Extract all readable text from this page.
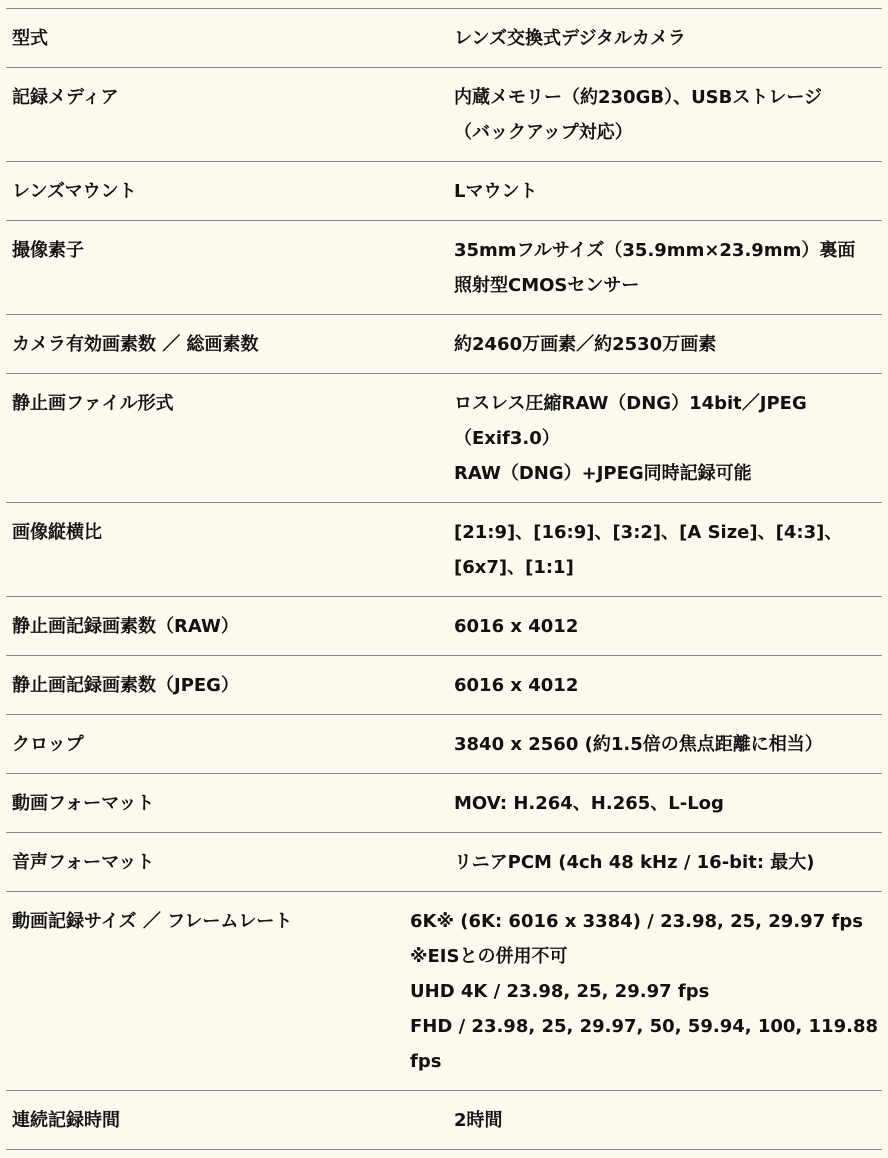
型式	レンズ交換式デジタルカメラ
記録メディア	内蔵メモリー（約230GB）、USBストレージ
（バックアップ対応）
レンズマウント	Lマウント
撮像素子	35mmフルサイズ（35.9mm×23.9mm）裏面
照射型CMOSセンサー
カメラ有効画素数 ／ 総画素数	約2460万画素／約2530万画素
静止画ファイル形式	ロスレス圧縮RAW（DNG）14bit／JPEG
（Exif3.0）
RAW（DNG）+JPEG同時記録可能
画像縦横比	[21:9]、[16:9]、[3:2]、[A Size]、[4:3]、
[6x7]、[1:1]
静止画記録画素数（RAW）	6016 x 4012
静止画記録画素数（JPEG）	6016 x 4012
クロップ	3840 x 2560 (約1.5倍の焦点距離に相当）
動画フォーマット	MOV: H.264、H.265、L-Log
音声フォーマット	リニアPCM (4ch 48 kHz / 16-bit: 最大)
動画記録サイズ ／ フレームレート	6K※ (6K: 6016 x 3384) / 23.98, 25, 29.97 fps
※EISとの併用不可
UHD 4K / 23.98, 25, 29.97 fps
FHD / 23.98, 25, 29.97, 50, 59.94, 100, 119.88
fps
連続記録時間	2時間
